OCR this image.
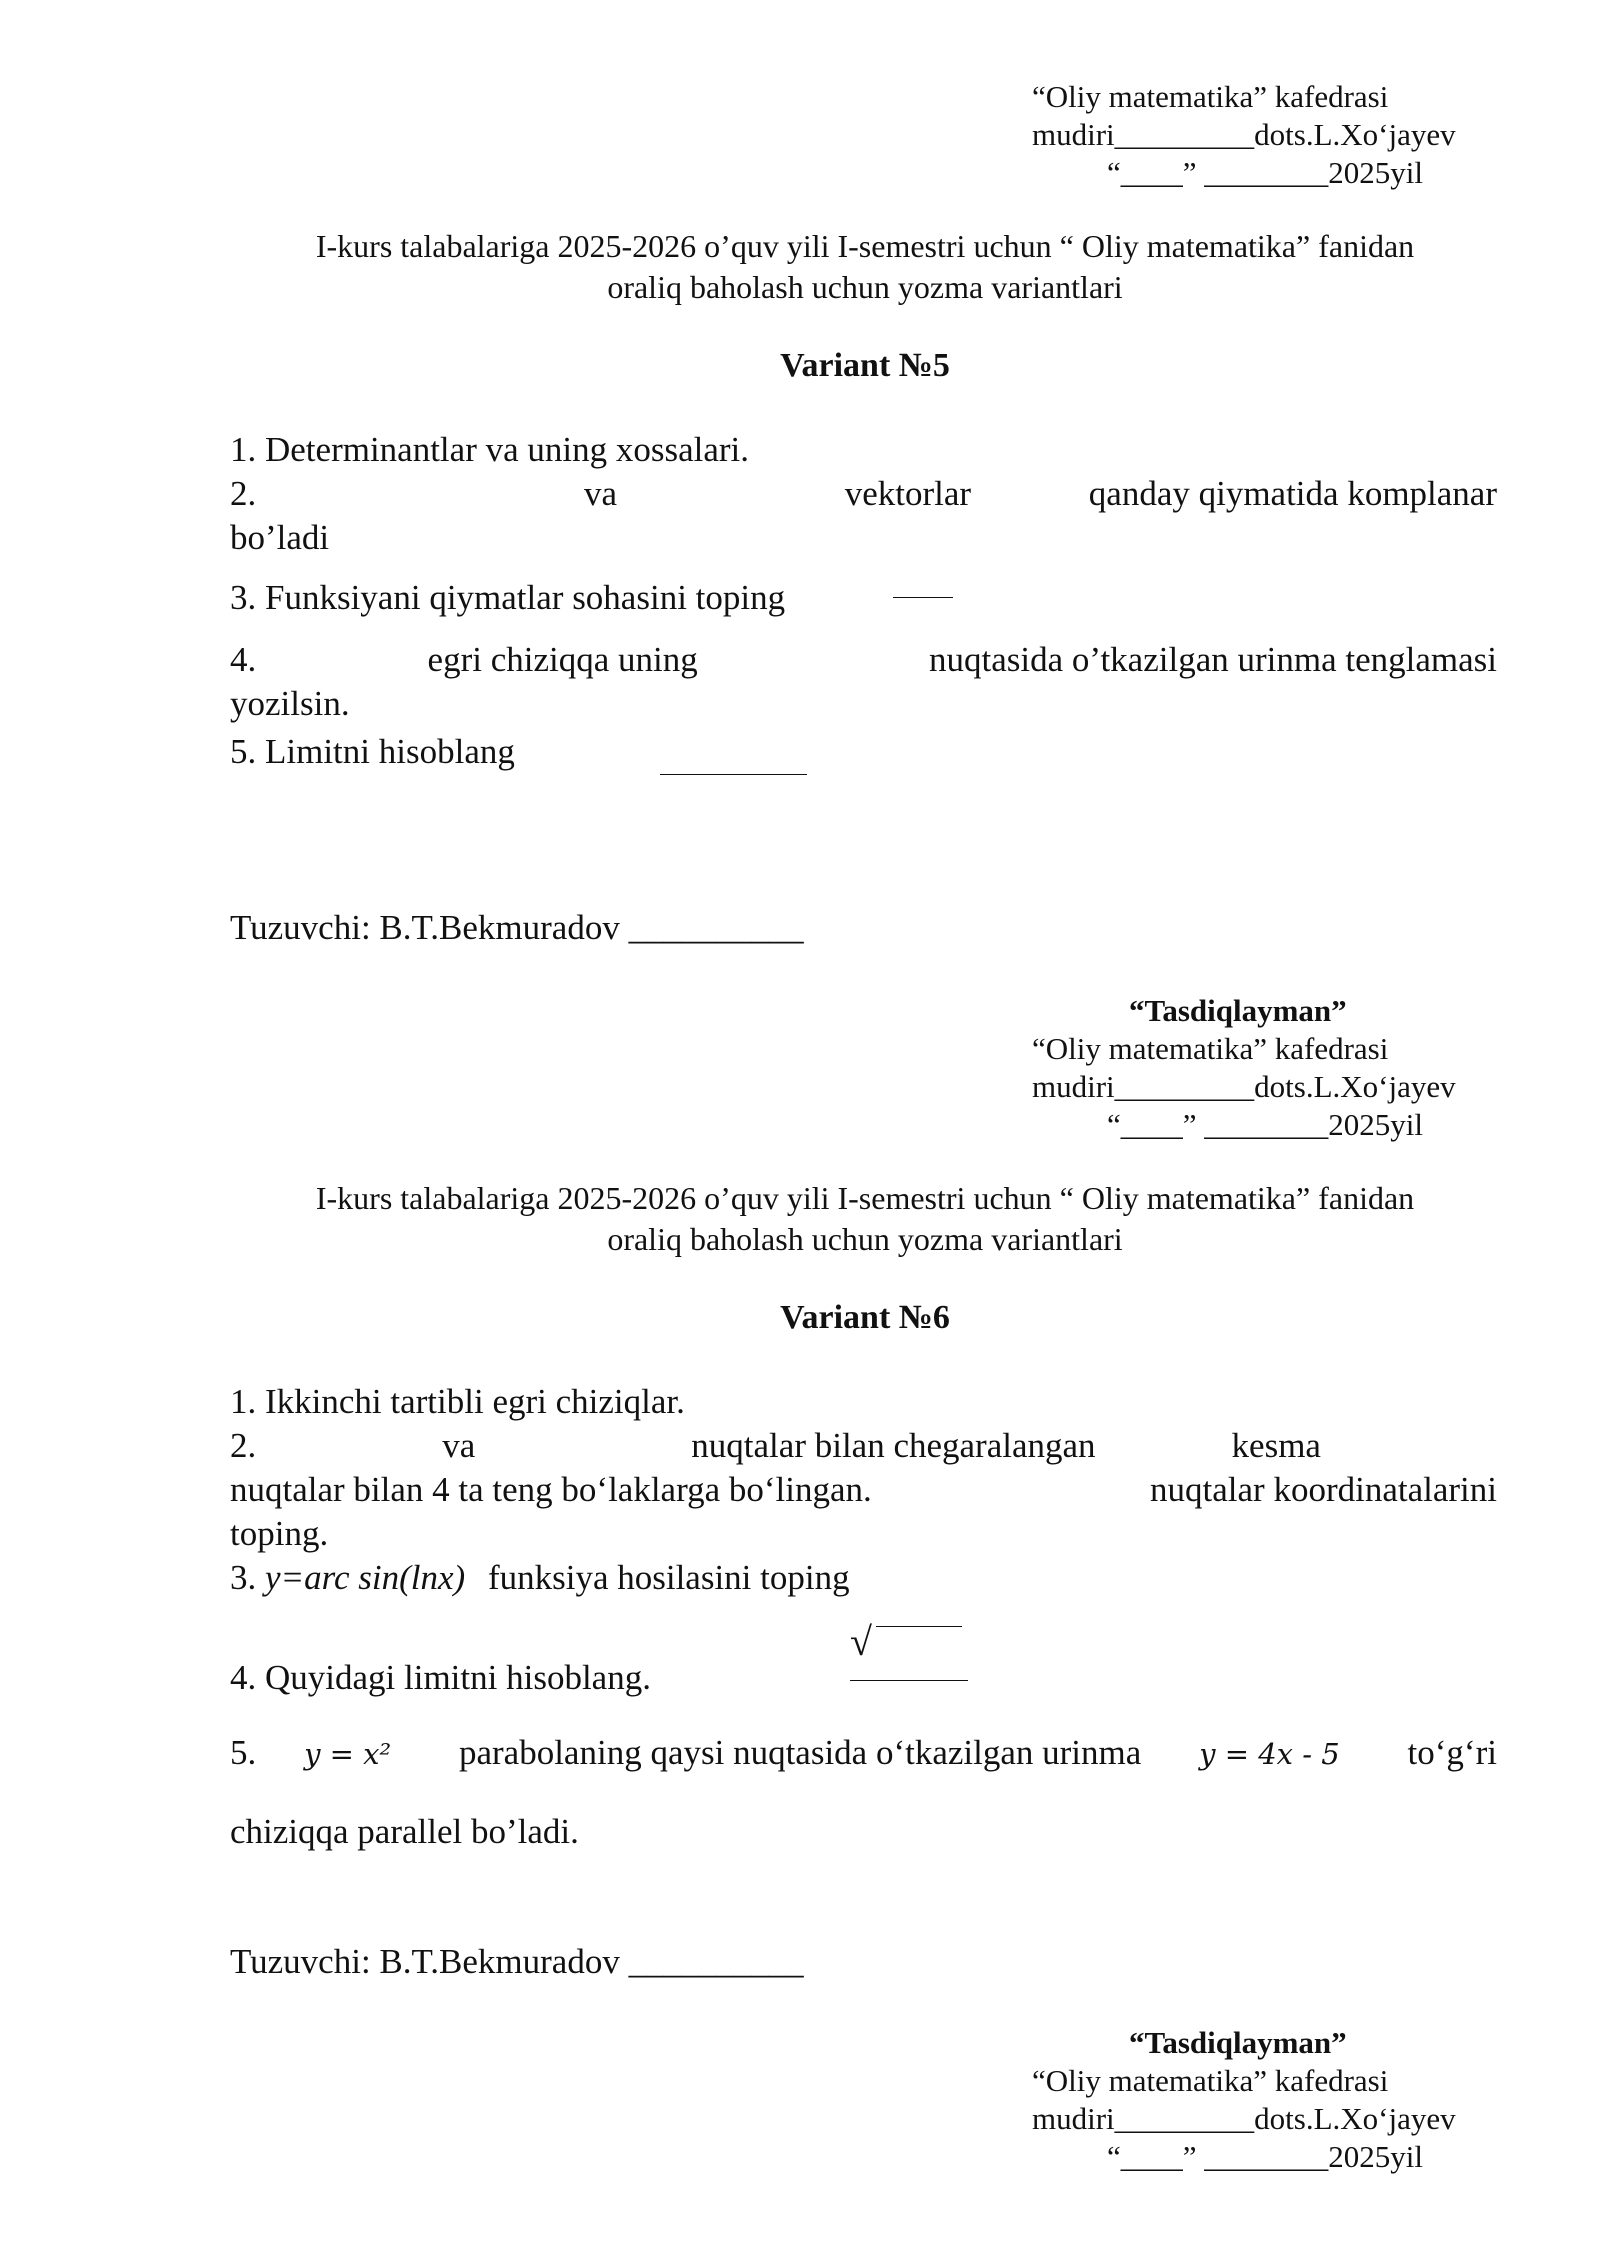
“Oliy matematika” kafedrasi
mudiri_________dots.L.Xo‘jayev
“____” ________2025yil
I-kurs talabalariga 2025-2026 o’quv yili I-semestri uchun “ Oliy matematika” fanidan
oraliq baholash uchun yozma variantlari
Variant №5
1. Determinantlar va uning xossalari.
2.	va	vektorlar	qanday qiymatida komplanar
bo’ladi
3. Funksiyani qiymatlar sohasini toping
4.	egri chiziqqa uning	nuqtasida o’tkazilgan urinma tenglamasi
yozilsin.
5. Limitni hisoblang
Tuzuvchi: B.T.Bekmuradov __________
“Tasdiqlayman”
“Oliy matematika” kafedrasi
mudiri_________dots.L.Xo‘jayev
“____” ________2025yil
I-kurs talabalariga 2025-2026 o’quv yili I-semestri uchun “ Oliy matematika” fanidan
oraliq baholash uchun yozma variantlari
Variant №6
1. Ikkinchi tartibli egri chiziqlar.
2.	va	nuqtalar bilan chegaralangan	kesma
nuqtalar bilan 4 ta teng bo‘laklarga bo‘lingan.	nuqtalar koordinatalarini
toping.
3. y=arc sin(lnx) funksiya hosilasini toping
√
4. Quyidagi limitni hisoblang.
5. y = x² parabolaning qaysi nuqtasida o‘tkazilgan urinma y = 4x - 5 to‘g‘ri
chiziqqa parallel bo’ladi.
Tuzuvchi: B.T.Bekmuradov __________
“Tasdiqlayman”
“Oliy matematika” kafedrasi
mudiri_________dots.L.Xo‘jayev
“____” ________2025yil
